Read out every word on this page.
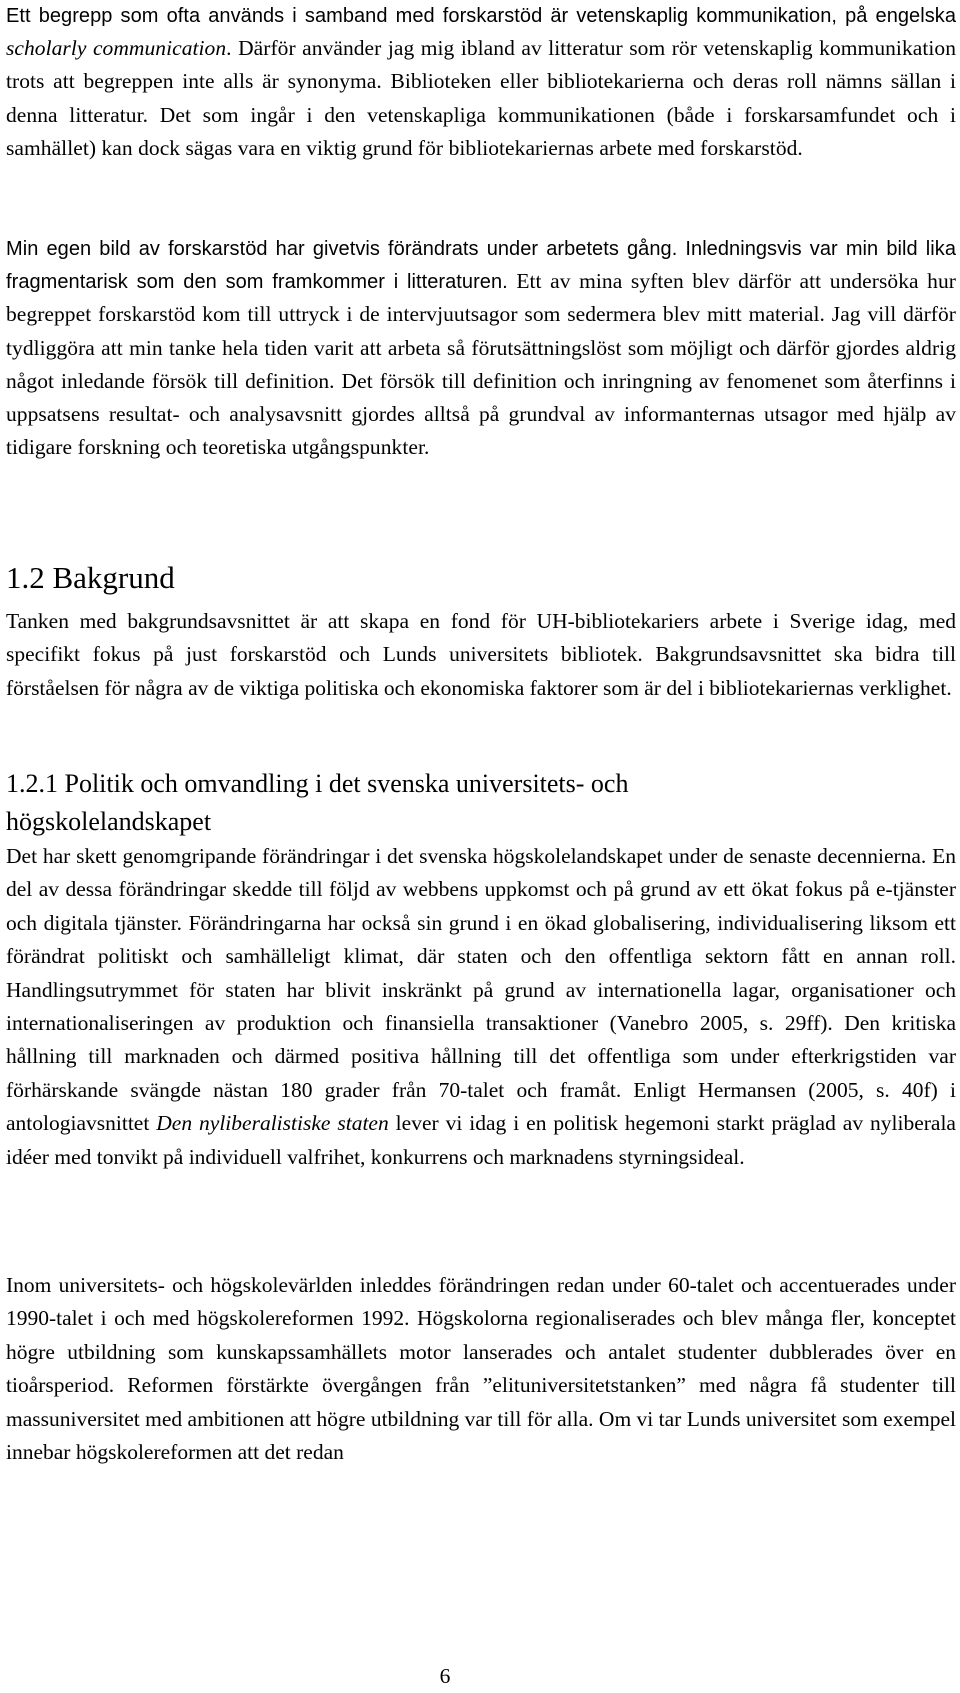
Ett begrepp som ofta används i samband med forskarstöd är vetenskaplig kommunikation, på engelska scholarly communication. Därför använder jag mig ibland av litteratur som rör vetenskaplig kommunikation trots att begreppen inte alls är synonyma. Biblioteken eller bibliotekarierna och deras roll nämns sällan i denna litteratur. Det som ingår i den vetenskapliga kommunikationen (både i forskarsamfundet och i samhället) kan dock sägas vara en viktig grund för bibliotekariernas arbete med forskarstöd.

Min egen bild av forskarstöd har givetvis förändrats under arbetets gång. Inledningsvis var min bild lika fragmentarisk som den som framkommer i litteraturen. Ett av mina syften blev därför att undersöka hur begreppet forskarstöd kom till uttryck i de intervjuutsagor som sedermera blev mitt material. Jag vill därför tydliggöra att min tanke hela tiden varit att arbeta så förutsättningslöst som möjligt och därför gjordes aldrig något inledande försök till definition. Det försök till definition och inringning av fenomenet som återfinns i uppsatsens resultat- och analysavsnitt gjordes alltså på grundval av informanternas utsagor med hjälp av tidigare forskning och teoretiska utgångspunkter.

1.2 Bakgrund

Tanken med bakgrundsavsnittet är att skapa en fond för UH-bibliotekariers arbete i Sverige idag, med specifikt fokus på just forskarstöd och Lunds universitets bibliotek. Bakgrundsavsnittet ska bidra till förståelsen för några av de viktiga politiska och ekonomiska faktorer som är del i bibliotekariernas verklighet.

1.2.1 Politik och omvandling i det svenska universitets- och
högskolelandskapet

Det har skett genomgripande förändringar i det svenska högskolelandskapet under de senaste decennierna. En del av dessa förändringar skedde till följd av webbens uppkomst och på grund av ett ökat fokus på e-tjänster och digitala tjänster. Förändringarna har också sin grund i en ökad globalisering, individualisering liksom ett förändrat politiskt och samhälleligt klimat, där staten och den offentliga sektorn fått en annan roll. Handlingsutrymmet för staten har blivit inskränkt på grund av internationella lagar, organisationer och internationaliseringen av produktion och finansiella transaktioner (Vanebro 2005, s. 29ff). Den kritiska hållning till marknaden och därmed positiva hållning till det offentliga som under efterkrigstiden var förhärskande svängde nästan 180 grader från 70-talet och framåt. Enligt Hermansen (2005, s. 40f) i antologiavsnittet Den nyliberalistiske staten lever vi idag i en politisk hegemoni starkt präglad av nyliberala idéer med tonvikt på individuell valfrihet, konkurrens och marknadens styrningsideal.

Inom universitets- och högskolevärlden inleddes förändringen redan under 60-talet och accentuerades under 1990-talet i och med högskolereformen 1992. Högskolorna regionaliserades och blev många fler, konceptet högre utbildning som kunskapssamhällets motor lanserades och antalet studenter dubblerades över en tioårsperiod. Reformen förstärkte övergången från ”elituniversitetstanken” med några få studenter till massuniversitet med ambitionen att högre utbildning var till för alla. Om vi tar Lunds universitet som exempel innebar högskolereformen att det redan

6
